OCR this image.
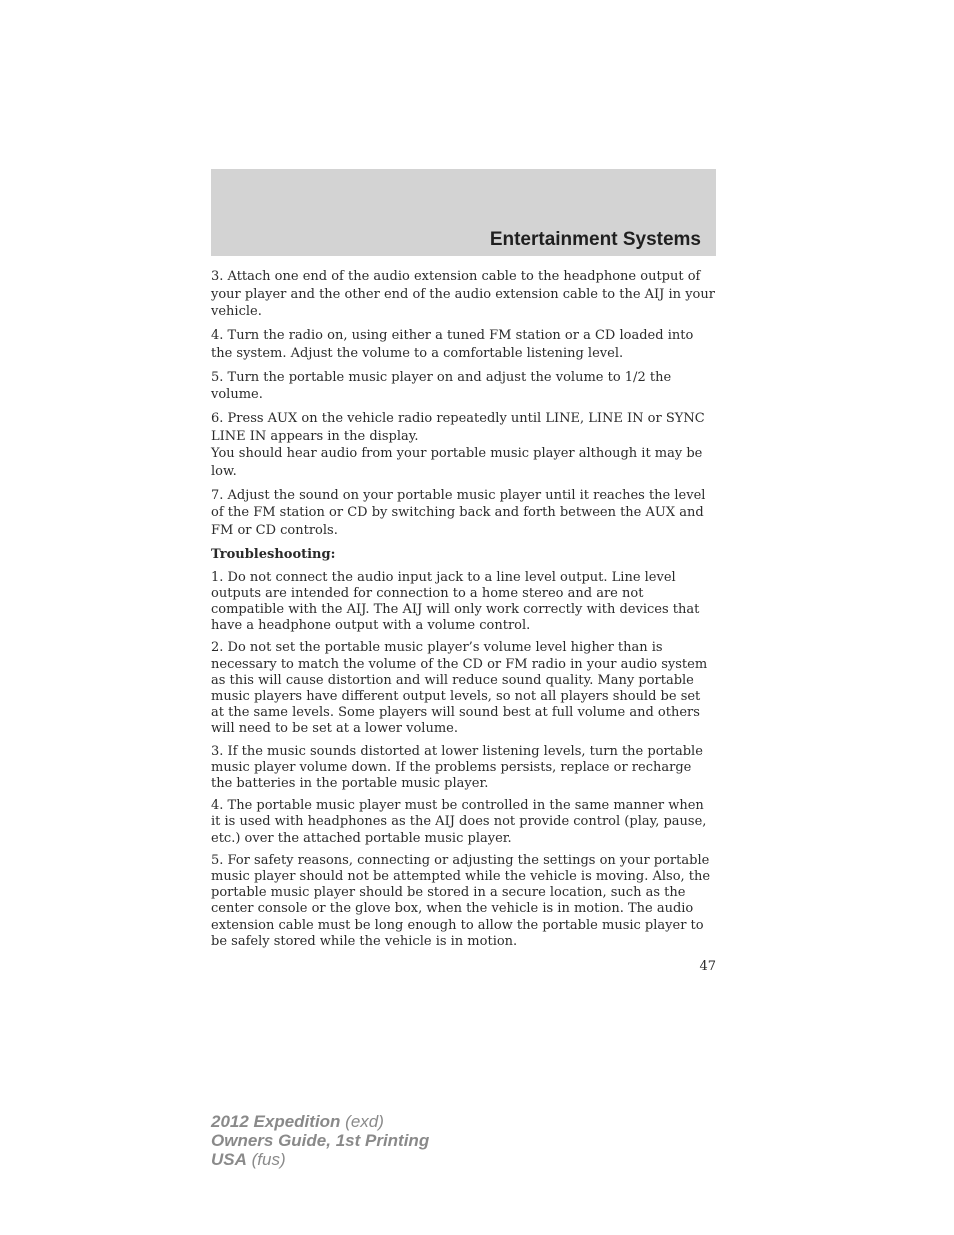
Entertainment Systems

3. Attach one end of the audio extension cable to the headphone output of your player and the other end of the audio extension cable to the AIJ in your vehicle.

4. Turn the radio on, using either a tuned FM station or a CD loaded into the system. Adjust the volume to a comfortable listening level.

5. Turn the portable music player on and adjust the volume to 1/2 the volume.

6. Press AUX on the vehicle radio repeatedly until LINE, LINE IN or SYNC LINE IN appears in the display.

You should hear audio from your portable music player although it may be low.

7. Adjust the sound on your portable music player until it reaches the level of the FM station or CD by switching back and forth between the AUX and FM or CD controls.

Troubleshooting:

1. Do not connect the audio input jack to a line level output. Line level outputs are intended for connection to a home stereo and are not compatible with the AIJ. The AIJ will only work correctly with devices that have a headphone output with a volume control.

2. Do not set the portable music player’s volume level higher than is necessary to match the volume of the CD or FM radio in your audio system as this will cause distortion and will reduce sound quality. Many portable music players have different output levels, so not all players should be set at the same levels. Some players will sound best at full volume and others will need to be set at a lower volume.

3. If the music sounds distorted at lower listening levels, turn the portable music player volume down. If the problems persists, replace or recharge the batteries in the portable music player.

4. The portable music player must be controlled in the same manner when it is used with headphones as the AIJ does not provide control (play, pause, etc.) over the attached portable music player.

5. For safety reasons, connecting or adjusting the settings on your portable music player should not be attempted while the vehicle is moving. Also, the portable music player should be stored in a secure location, such as the center console or the glove box, when the vehicle is in motion. The audio extension cable must be long enough to allow the portable music player to be safely stored while the vehicle is in motion.

47

2012 Expedition (exd)
Owners Guide, 1st Printing
USA (fus)
